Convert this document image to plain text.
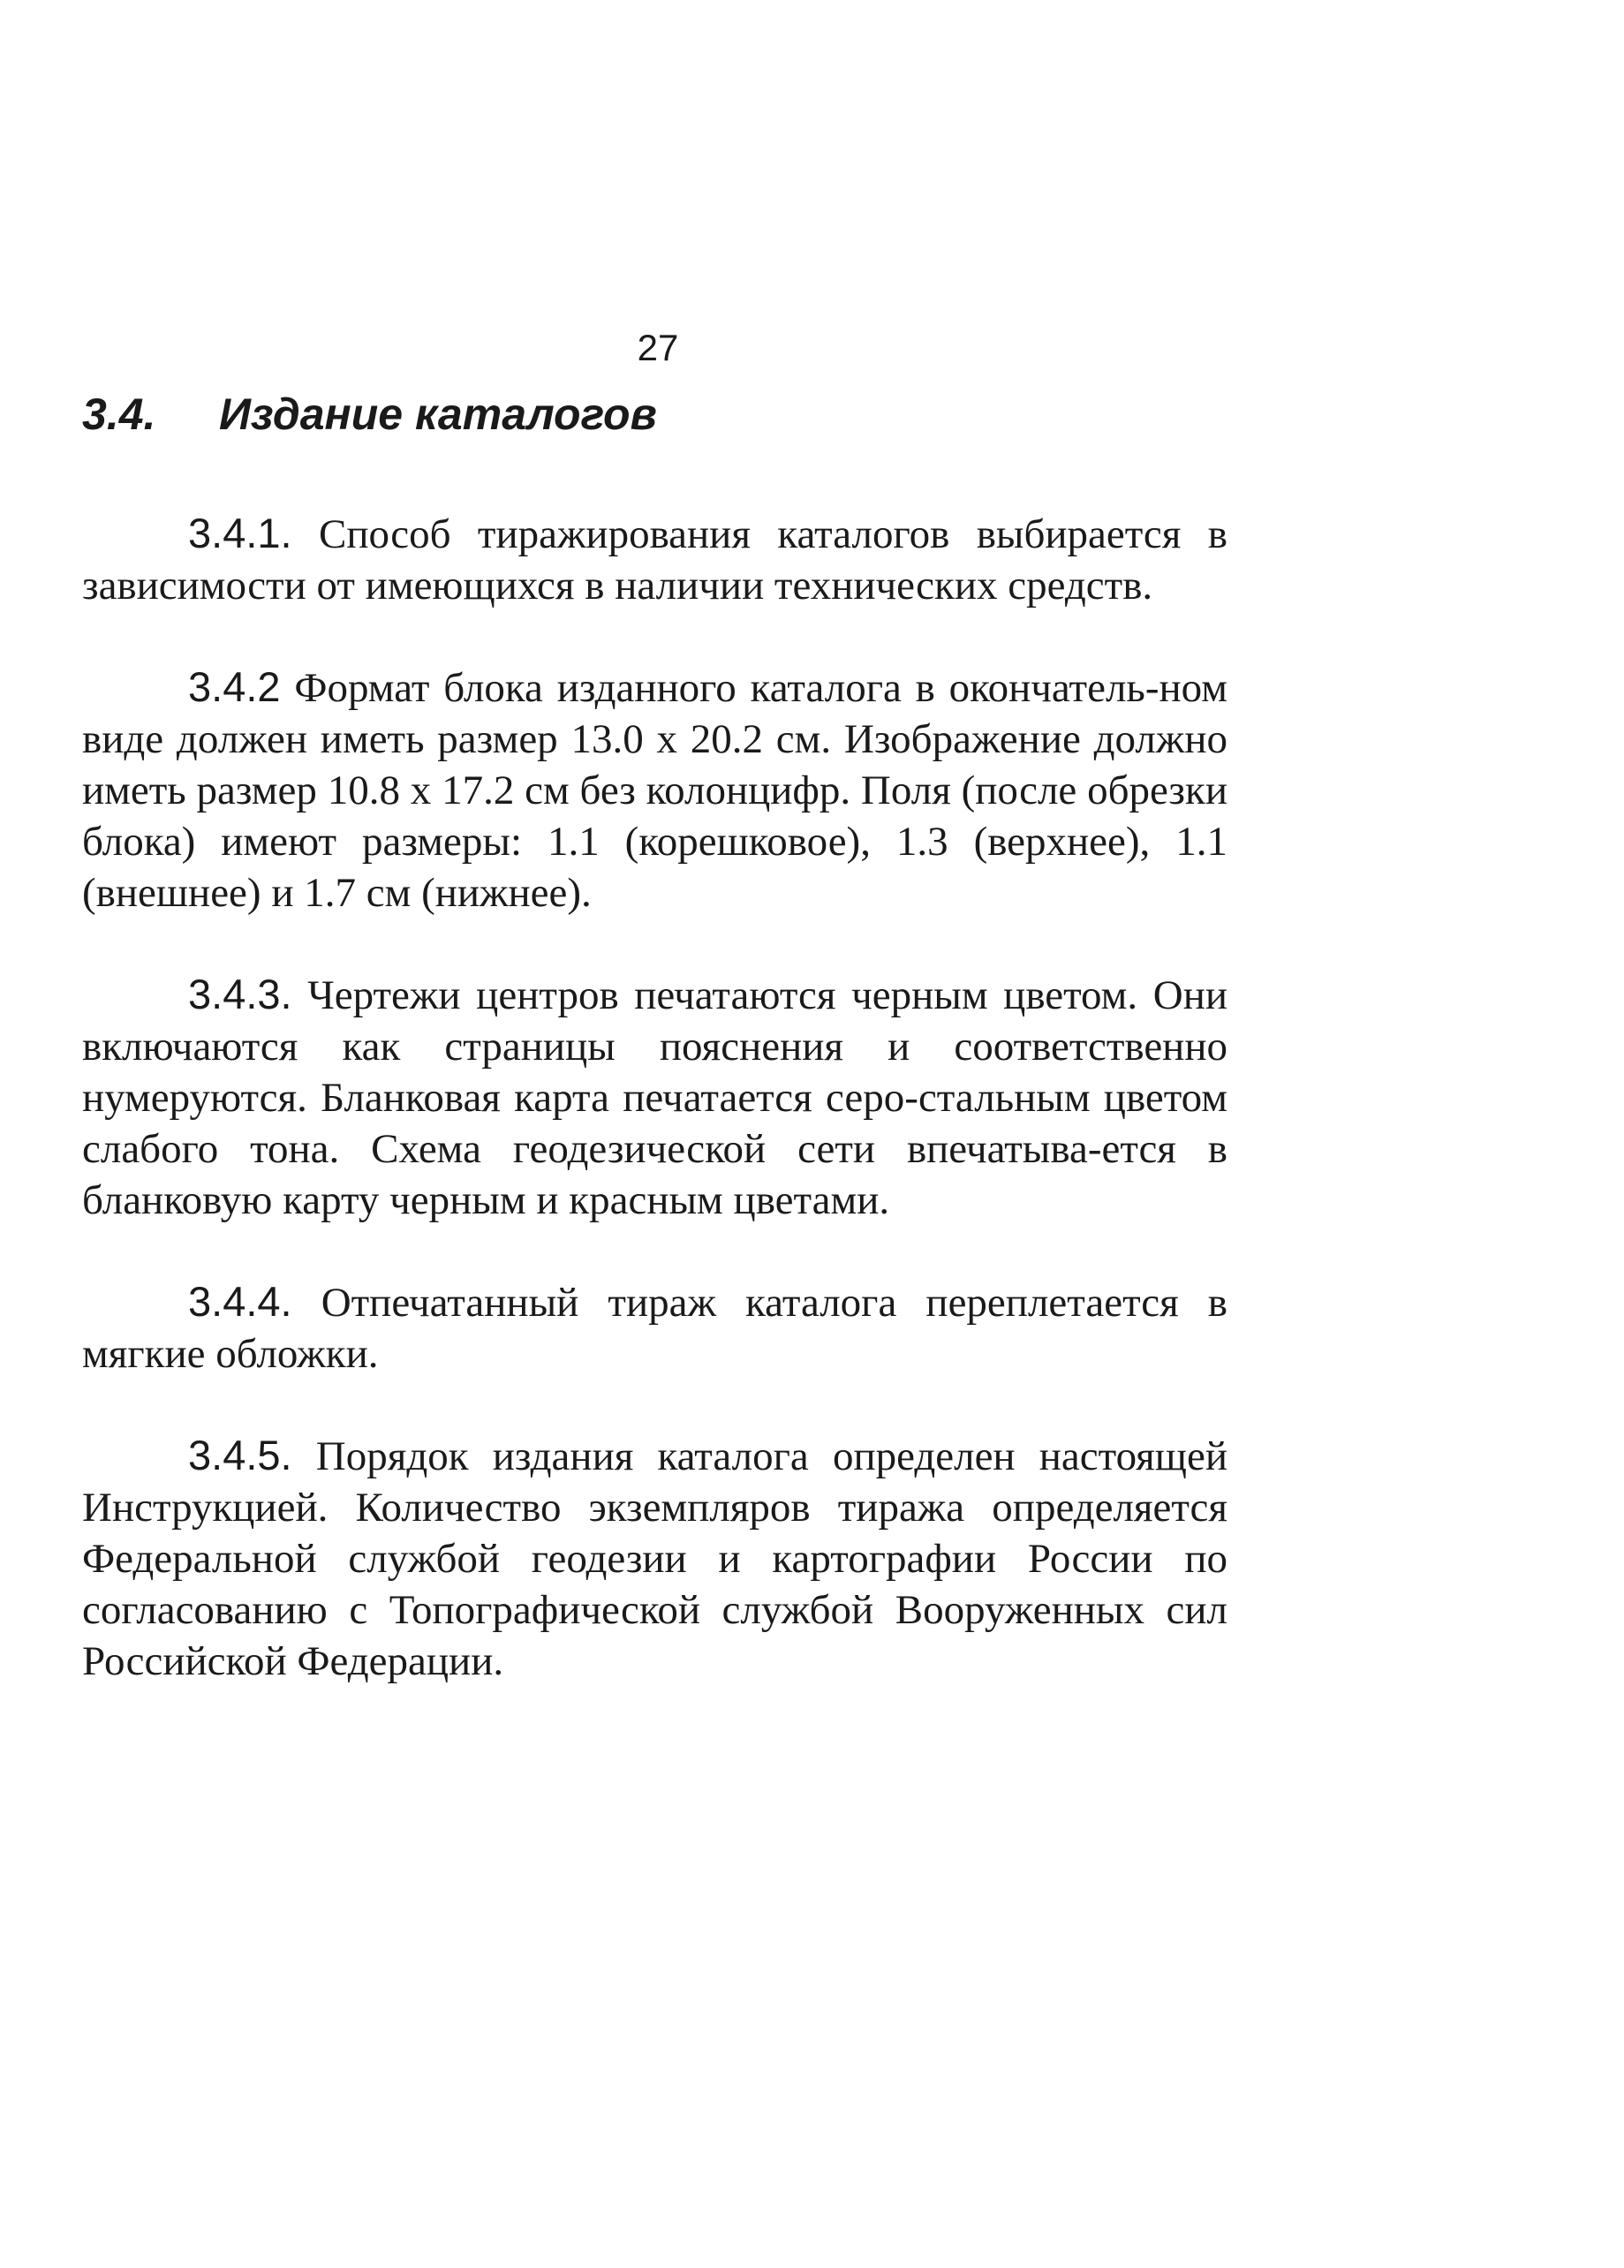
27
3.4. Издание каталогов

3.4.1. Способ тиражирования каталогов выбирается в зависимости от имеющихся в наличии технических средств.

3.4.2 Формат блока изданного каталога в окончатель-ном виде должен иметь размер 13.0 х 20.2 см. Изображение должно иметь размер 10.8 х 17.2 см без колонцифр. Поля (после обрезки блока) имеют размеры: 1.1 (корешковое), 1.3 (верхнее), 1.1 (внешнее) и 1.7 см (нижнее).

3.4.3. Чертежи центров печатаются черным цветом. Они включаются как страницы пояснения и соответственно нумеруются. Бланковая карта печатается серо-стальным цветом слабого тона. Схема геодезической сети впечатыва-ется в бланковую карту черным и красным цветами.

3.4.4. Отпечатанный тираж каталога переплетается в мягкие обложки.

3.4.5. Порядок издания каталога определен настоящей Инструкцией. Количество экземпляров тиража определяется Федеральной службой геодезии и картографии России по согласованию с Топографической службой Вооруженных сил Российской Федерации.
